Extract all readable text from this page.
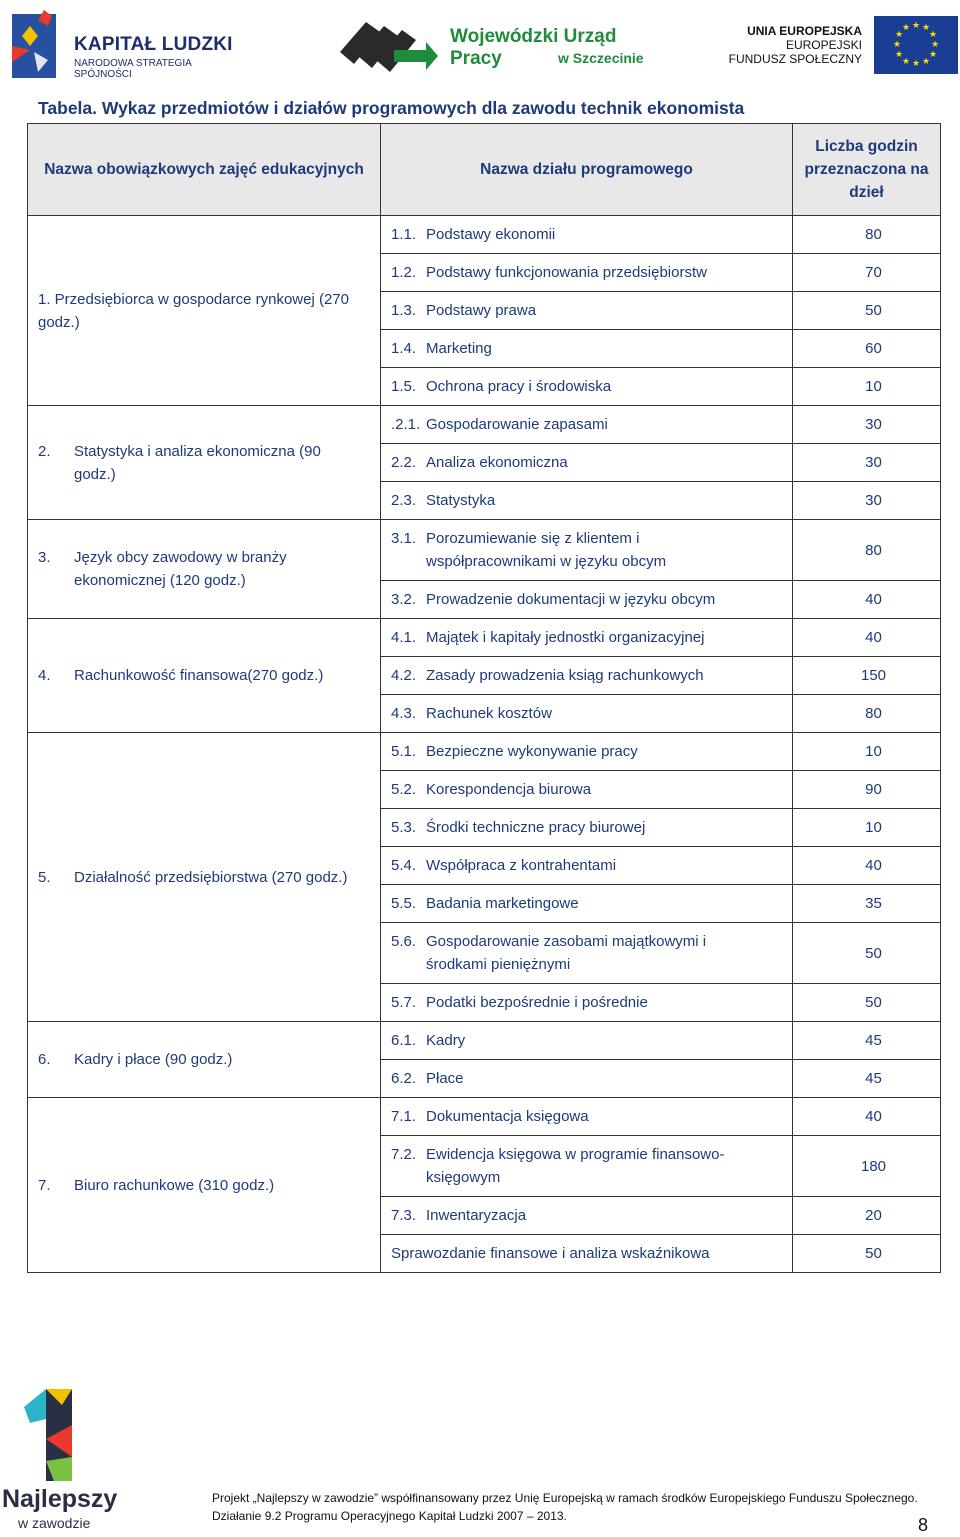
KAPITAŁ LUDZKI
NARODOWA STRATEGIA SPÓJNOŚCI
Wojewódzki Urząd Pracy	w Szczecinie
UNIA EUROPEJSKA
EUROPEJSKI
FUNDUSZ SPOŁECZNY
★ ★
★
★
★
★
★
★
★
★
★
★
Tabela. Wykaz przedmiotów i działów programowych dla zawodu technik ekonomista
Nazwa obowiązkowych zajęć edukacyjnych	Nazwa działu programowego	Liczba godzin przeznaczona na dzieł
1. Przedsiębiorca w gospodarce rynkowej (270 godz.)	1.1. Podstawy ekonomii	80
	1.2. Podstawy funkcjonowania przedsiębiorstw	70
	1.3. Podstawy prawa	50
	1.4. Marketing	60
	1.5. Ochrona pracy i środowiska	10
2. Statystyka i analiza ekonomiczna (90 godz.)	.2.1. Gospodarowanie zapasami	30
	2.2. Analiza ekonomiczna	30
	2.3. Statystyka	30
3. Język obcy zawodowy w branży ekonomicznej (120 godz.)	3.1. Porozumiewanie się z klientem i współpracownikami w języku obcym	80
	3.2. Prowadzenie dokumentacji w języku obcym	40
4. Rachunkowość finansowa(270 godz.)	4.1. Majątek i kapitały jednostki organizacyjnej	40
	4.2. Zasady prowadzenia ksiąg rachunkowych	150
	4.3. Rachunek kosztów	80
5. Działalność przedsiębiorstwa (270 godz.)	5.1. Bezpieczne wykonywanie pracy	10
	5.2. Korespondencja biurowa	90
	5.3. Środki techniczne pracy biurowej	10
	5.4. Współpraca z kontrahentami	40
	5.5. Badania marketingowe	35
	5.6. Gospodarowanie zasobami majątkowymi i środkami pieniężnymi	50
	5.7. Podatki bezpośrednie i pośrednie	50
6. Kadry i płace (90 godz.)	6.1. Kadry	45
	6.2. Płace	45
7. Biuro rachunkowe (310 godz.)	7.1. Dokumentacja księgowa	40
	7.2. Ewidencja księgowa w programie finansowo-księgowym	180
	7.3. Inwentaryzacja	20
	Sprawozdanie finansowe i analiza wskaźnikowa	50
Najlepszy
w zawodzie
Projekt „Najlepszy w zawodzie” współfinansowany przez Unię Europejską w ramach środków Europejskiego Funduszu Społecznego.
Działanie 9.2 Programu Operacyjnego Kapitał Ludzki 2007 – 2013.	8
